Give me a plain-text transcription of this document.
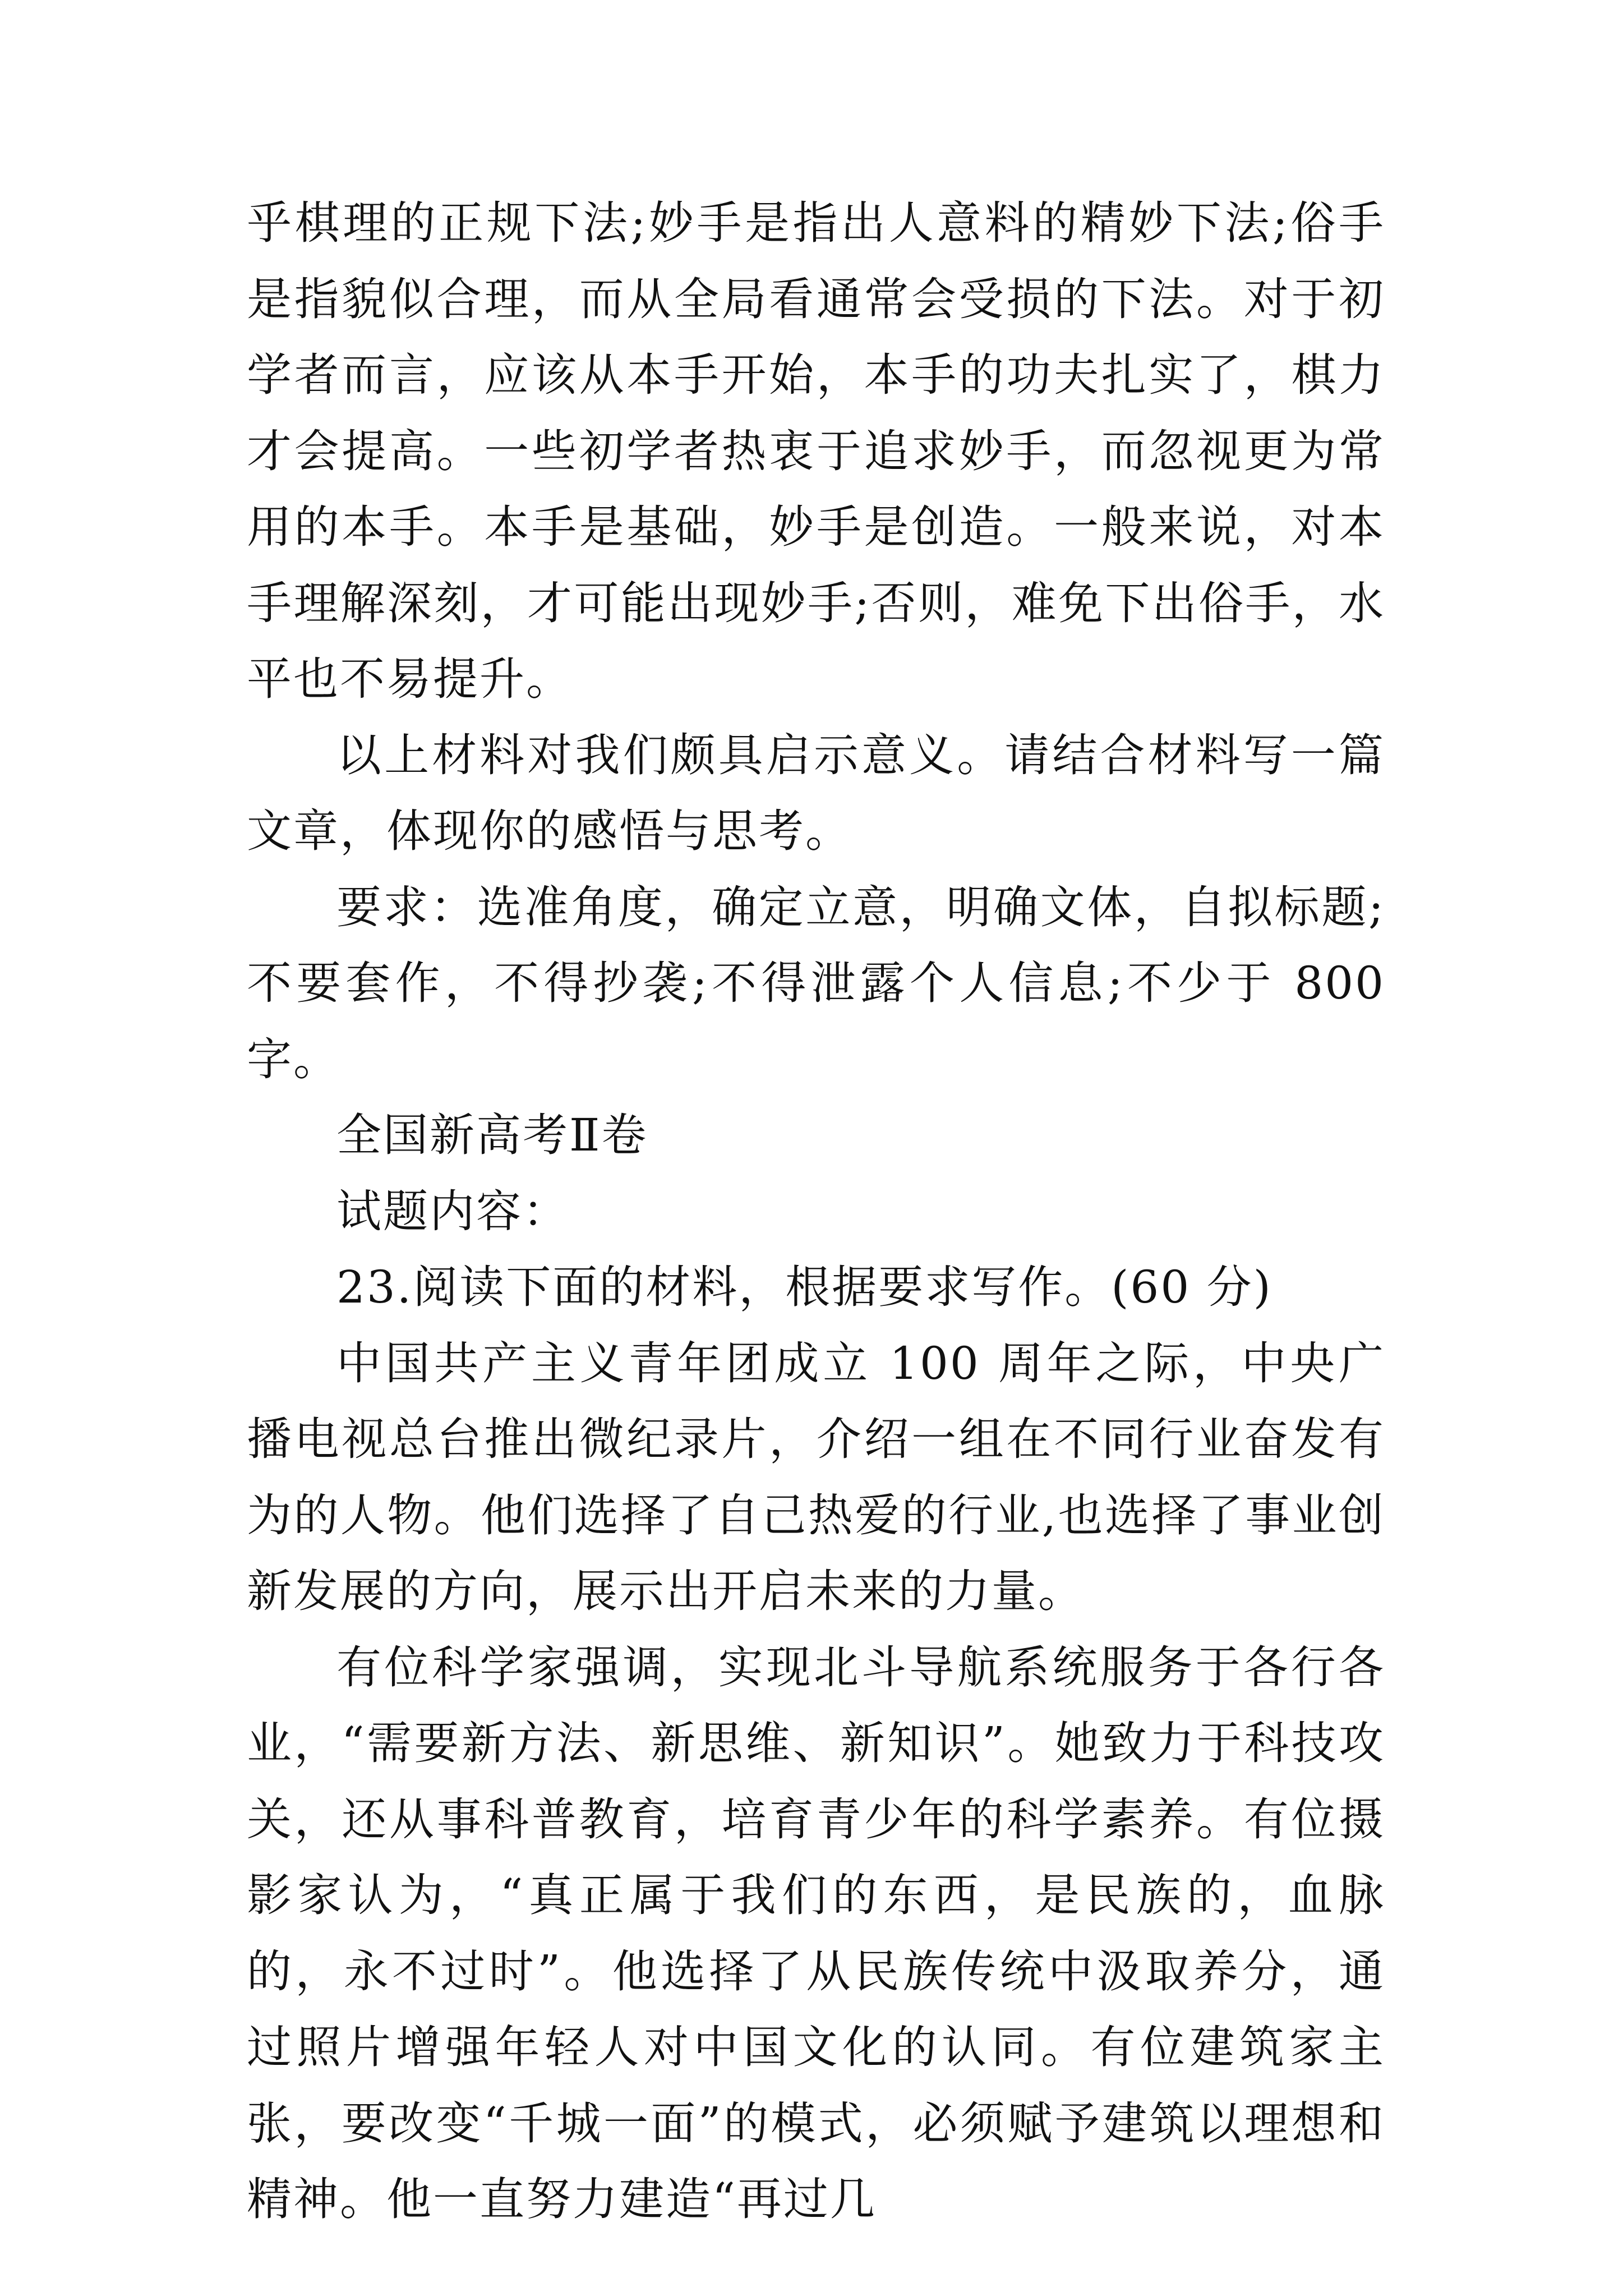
乎棋理的正规下法;妙手是指出人意料的精妙下法;俗手是指貌似合理，而从全局看通常会受损的下法。对于初学者而言，应该从本手开始，本手的功夫扎实了，棋力才会提高。一些初学者热衷于追求妙手，而忽视更为常用的本手。本手是基础，妙手是创造。一般来说，对本手理解深刻，才可能出现妙手;否则，难免下出俗手，水平也不易提升。

以上材料对我们颇具启示意义。请结合材料写一篇文章，体现你的感悟与思考。

要求：选准角度，确定立意，明确文体，自拟标题;不要套作，不得抄袭;不得泄露个人信息;不少于 800 字。

全国新高考Ⅱ卷

试题内容：

23.阅读下面的材料，根据要求写作。(60 分)

中国共产主义青年团成立 100 周年之际，中央广播电视总台推出微纪录片，介绍一组在不同行业奋发有为的人物。他们选择了自己热爱的行业,也选择了事业创新发展的方向，展示出开启未来的力量。

有位科学家强调，实现北斗导航系统服务于各行各业，“需要新方法、新思维、新知识”。她致力于科技攻关，还从事科普教育，培育青少年的科学素养。有位摄影家认为，“真正属于我们的东西，是民族的，血脉的，永不过时”。他选择了从民族传统中汲取养分，通过照片增强年轻人对中国文化的认同。有位建筑家主张，要改变“千城一面”的模式，必须赋予建筑以理想和精神。他一直努力建造“再过几
